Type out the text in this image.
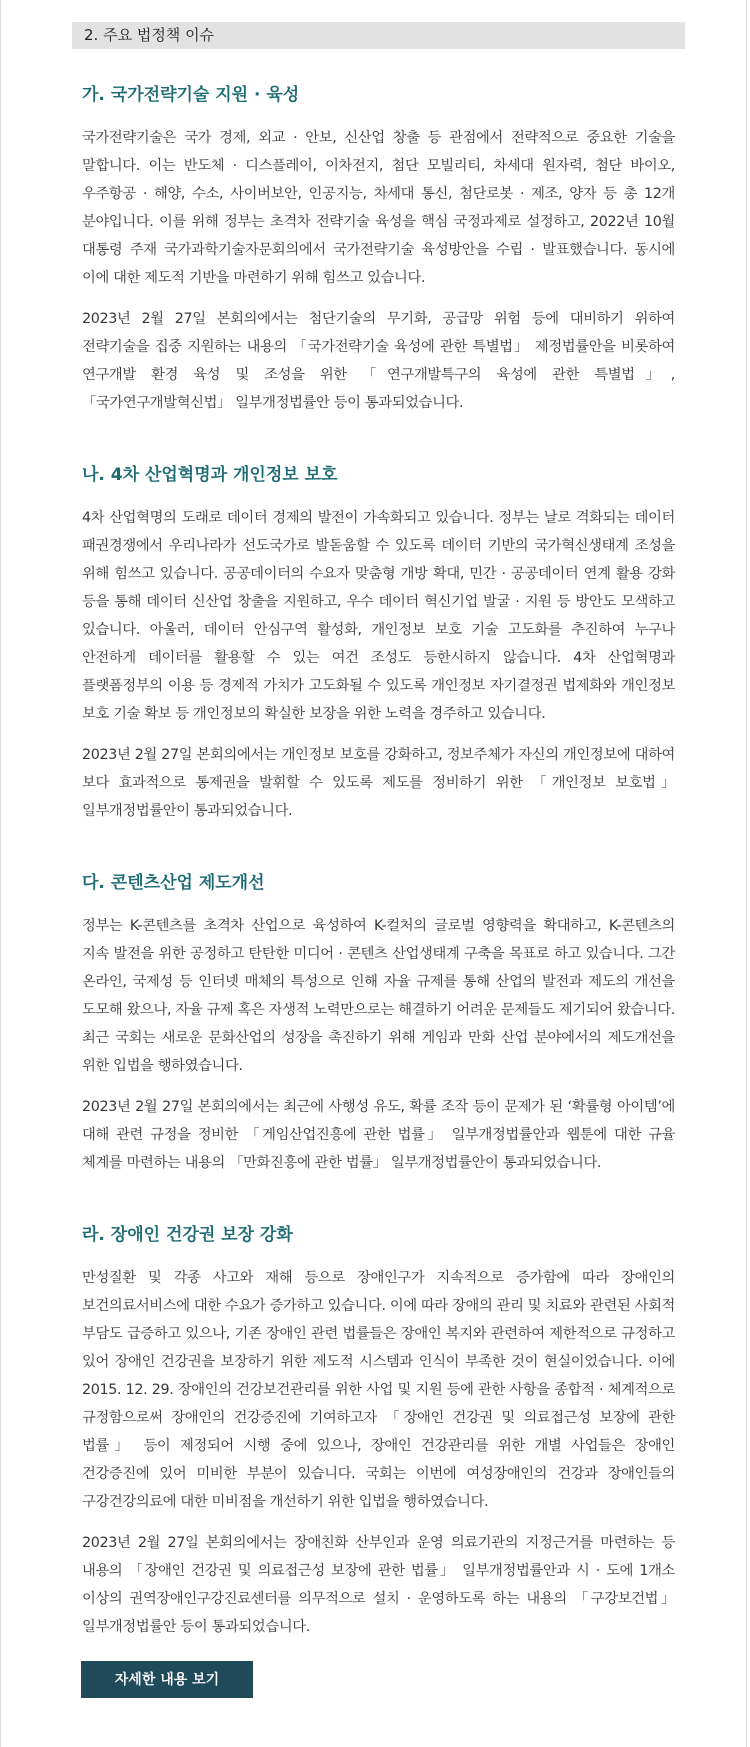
2. 주요 법정책 이슈
가. 국가전략기술 지원 · 육성

국가전략기술은 국가 경제, 외교 · 안보, 신산업 창출 등 관점에서 전략적으로 중요한 기술을 말합니다. 이는 반도체 · 디스플레이, 이차전지, 첨단 모빌리티, 차세대 원자력, 첨단 바이오, 우주항공 · 해양, 수소, 사이버보안, 인공지능, 차세대 통신, 첨단로봇 · 제조, 양자 등 총 12개 분야입니다. 이를 위해 정부는 초격차 전략기술 육성을 핵심 국정과제로 설정하고, 2022년 10월 대통령 주재 국가과학기술자문회의에서 국가전략기술 육성방안을 수립 · 발표했습니다. 동시에 이에 대한 제도적 기반을 마련하기 위해 힘쓰고 있습니다.

2023년 2월 27일 본회의에서는 첨단기술의 무기화, 공급망 위험 등에 대비하기 위하여 전략기술을 집중 지원하는 내용의 「국가전략기술 육성에 관한 특별법」 제정법률안을 비롯하여 연구개발 환경 육성 및 조성을 위한 「연구개발특구의 육성에 관한 특별법」, 「국가연구개발혁신법」 일부개정법률안 등이 통과되었습니다.

나. 4차 산업혁명과 개인정보 보호

4차 산업혁명의 도래로 데이터 경제의 발전이 가속화되고 있습니다. 정부는 날로 격화되는 데이터 패권경쟁에서 우리나라가 선도국가로 발돋움할 수 있도록 데이터 기반의 국가혁신생태계 조성을 위해 힘쓰고 있습니다. 공공데이터의 수요자 맞춤형 개방 확대, 민간 · 공공데이터 연계 활용 강화 등을 통해 데이터 신산업 창출을 지원하고, 우수 데이터 혁신기업 발굴 · 지원 등 방안도 모색하고 있습니다. 아울러, 데이터 안심구역 활성화, 개인정보 보호 기술 고도화를 추진하여 누구나 안전하게 데이터를 활용할 수 있는 여건 조성도 등한시하지 않습니다. 4차 산업혁명과 플랫폼정부의 이용 등 경제적 가치가 고도화될 수 있도록 개인정보 자기결정권 법제화와 개인정보 보호 기술 확보 등 개인정보의 확실한 보장을 위한 노력을 경주하고 있습니다.

2023년 2월 27일 본회의에서는 개인정보 보호를 강화하고, 정보주체가 자신의 개인정보에 대하여 보다 효과적으로 통제권을 발휘할 수 있도록 제도를 정비하기 위한 「개인정보 보호법」 일부개정법률안이 통과되었습니다.

다. 콘텐츠산업 제도개선

정부는 K-콘텐츠를 초격차 산업으로 육성하여 K-컬처의 글로벌 영향력을 확대하고, K-콘텐츠의 지속 발전을 위한 공정하고 탄탄한 미디어 · 콘텐츠 산업생태계 구축을 목표로 하고 있습니다. 그간 온라인, 국제성 등 인터넷 매체의 특성으로 인해 자율 규제를 통해 산업의 발전과 제도의 개선을 도모해 왔으나, 자율 규제 혹은 자생적 노력만으로는 해결하기 어려운 문제들도 제기되어 왔습니다. 최근 국회는 새로운 문화산업의 성장을 촉진하기 위해 게임과 만화 산업 분야에서의 제도개선을 위한 입법을 행하였습니다.

2023년 2월 27일 본회의에서는 최근에 사행성 유도, 확률 조작 등이 문제가 된 ‘확률형 아이템’에 대해 관련 규정을 정비한 「게임산업진흥에 관한 법률」 일부개정법률안과 웹툰에 대한 규율 체계를 마련하는 내용의 「만화진흥에 관한 법률」 일부개정법률안이 통과되었습니다.

라. 장애인 건강권 보장 강화

만성질환 및 각종 사고와 재해 등으로 장애인구가 지속적으로 증가함에 따라 장애인의 보건의료서비스에 대한 수요가 증가하고 있습니다. 이에 따라 장애의 관리 및 치료와 관련된 사회적 부담도 급증하고 있으나, 기존 장애인 관련 법률들은 장애인 복지와 관련하여 제한적으로 규정하고 있어 장애인 건강권을 보장하기 위한 제도적 시스템과 인식이 부족한 것이 현실이었습니다. 이에 2015. 12. 29. 장애인의 건강보건관리를 위한 사업 및 지원 등에 관한 사항을 종합적 · 체계적으로 규정함으로써 장애인의 건강증진에 기여하고자 「장애인 건강권 및 의료접근성 보장에 관한 법률」 등이 제정되어 시행 중에 있으나, 장애인 건강관리를 위한 개별 사업들은 장애인 건강증진에 있어 미비한 부분이 있습니다. 국회는 이번에 여성장애인의 건강과 장애인들의 구강건강의료에 대한 미비점을 개선하기 위한 입법을 행하였습니다.

2023년 2월 27일 본회의에서는 장애친화 산부인과 운영 의료기관의 지정근거를 마련하는 등 내용의 「장애인 건강권 및 의료접근성 보장에 관한 법률」 일부개정법률안과 시 · 도에 1개소 이상의 권역장애인구강진료센터를 의무적으로 설치 · 운영하도록 하는 내용의 「구강보건법」 일부개정법률안 등이 통과되었습니다.

자세한 내용 보기
